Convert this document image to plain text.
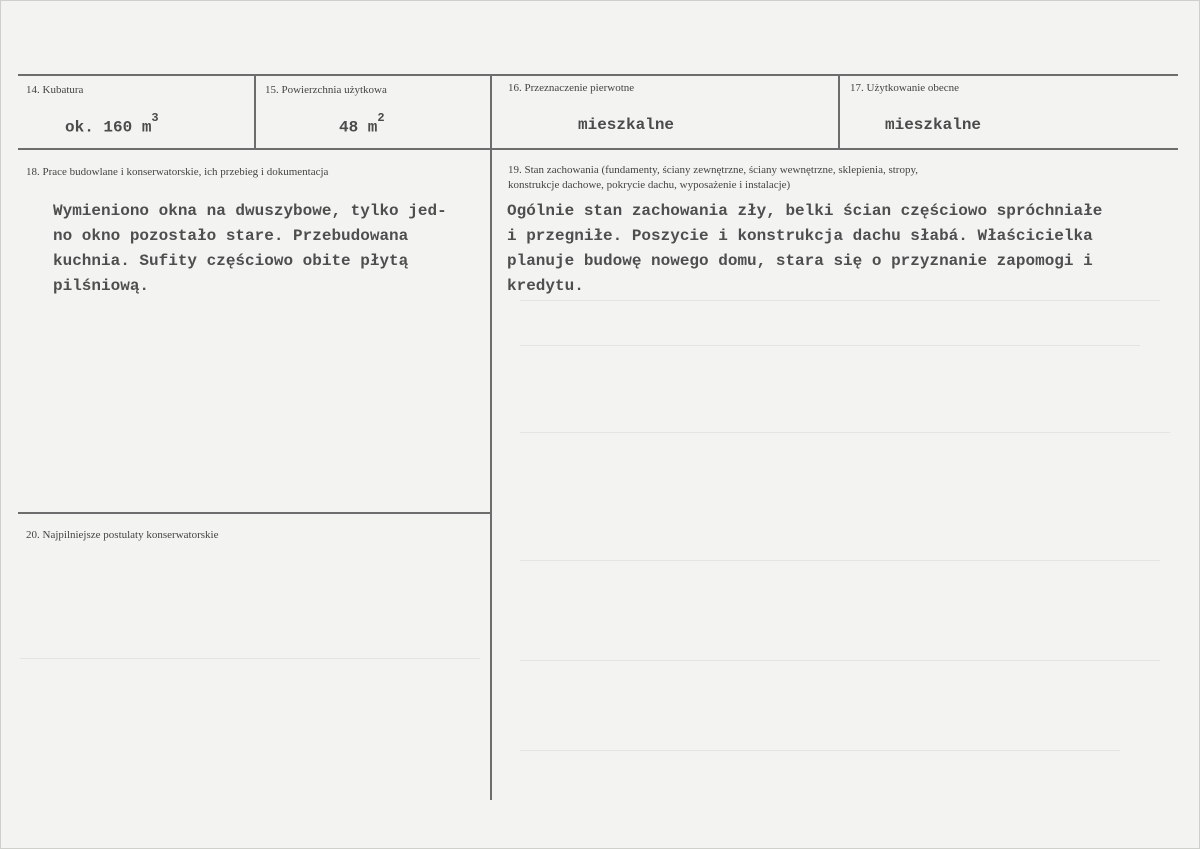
14. Kubatura
ok. 160 $m^3$
15. Powierzchnia użytkowa
48 $m^2$
16. Przeznaczenie pierwotne
mieszkalne
17. Użytkowanie obecne
mieszkalne
18. Prace budowlane i konserwatorskie, ich przebieg i dokumentacja
Wymieniono okna na dwuszybowe, tylko jed-
no okno pozostało stare. Przebudowana
kuchnia. Sufity częściowo obite płytą
pilśniową.
19. Stan zachowania (fundamenty, ściany zewnętrzne, ściany wewnętrzne, sklepienia, stropy,
konstrukcje dachowe, pokrycie dachu, wyposażenie i instalacje)
Ogólnie stan zachowania zły, belki ścian częściowo spróchniałe
i przegniłe. Poszycie i konstrukcja dachu słabá. Właścicielka
planuje budowę nowego domu, stara się o przyznanie zapomogi i
kredytu.
20. Najpilniejsze postulaty konserwatorskie
